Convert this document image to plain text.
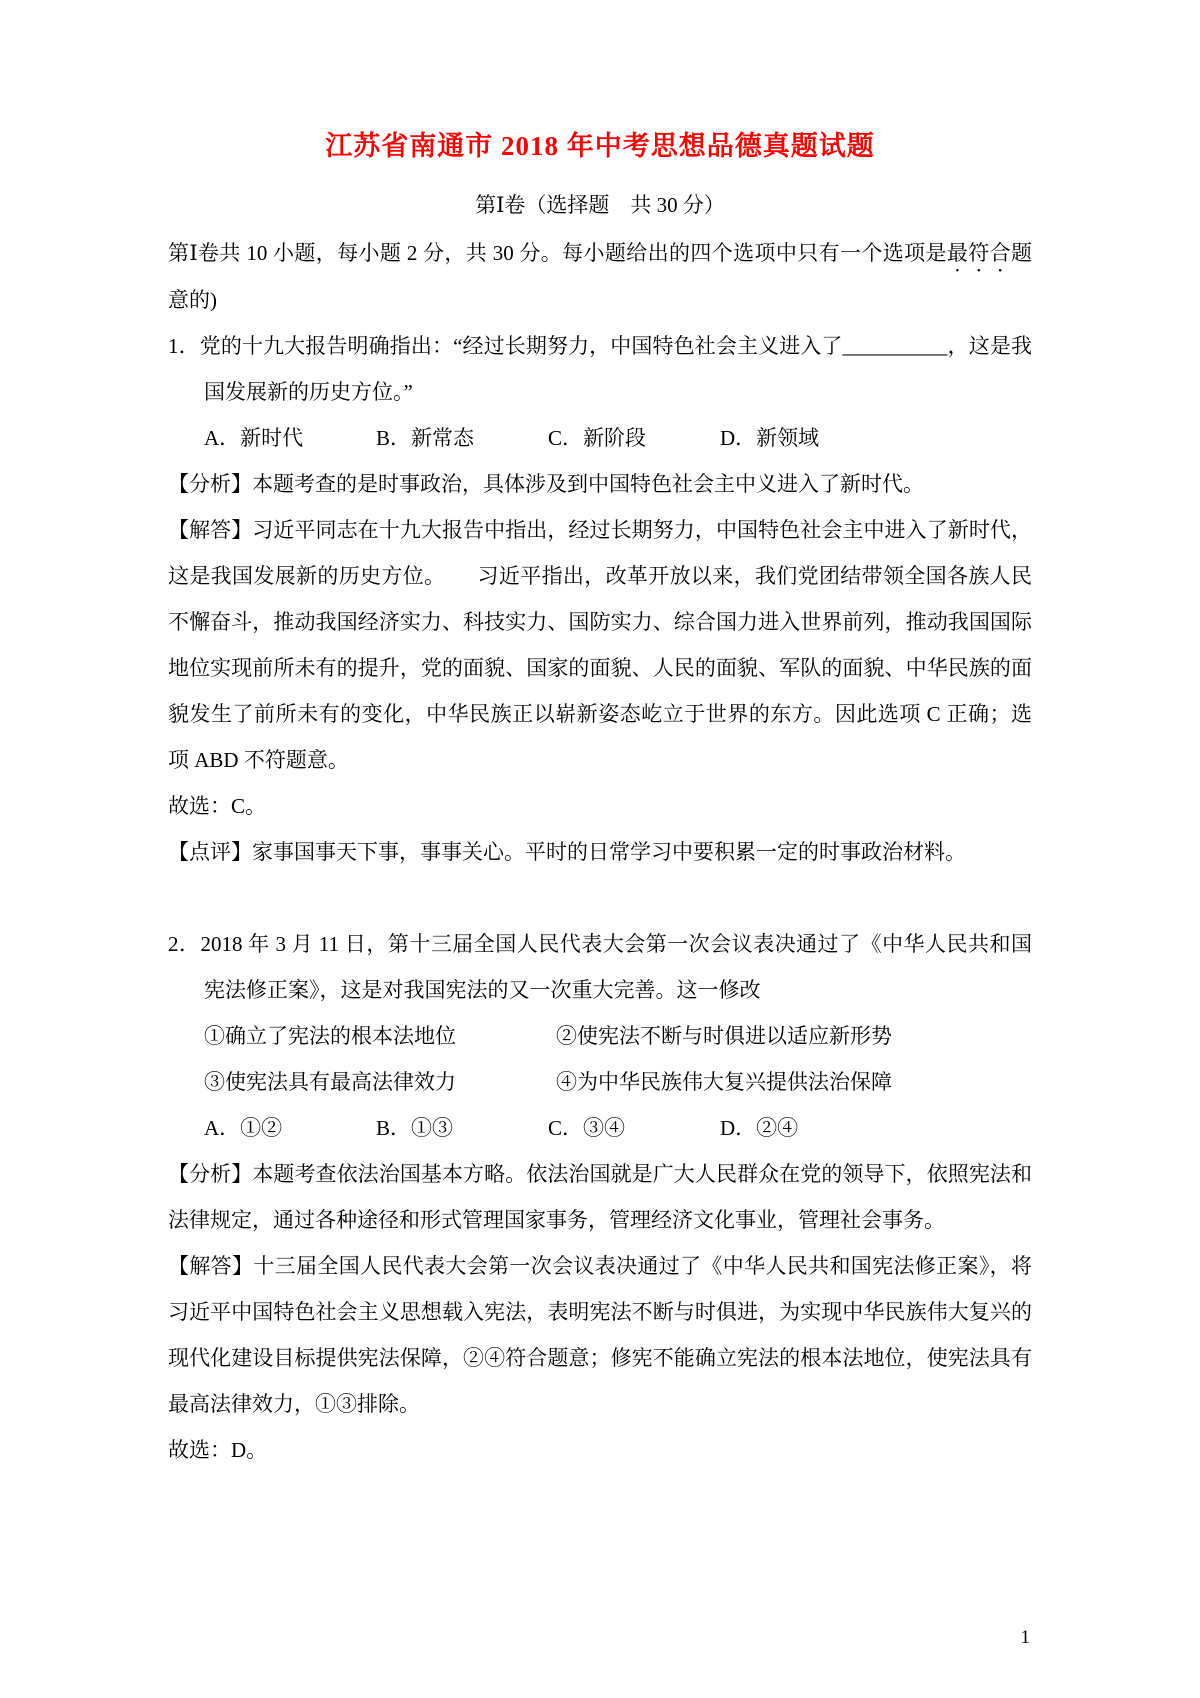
江苏省南通市 2018 年中考思想品德真题试题
第Ⅰ卷（选择题　共 30 分）

第Ⅰ卷共 10 小题，每小题 2 分，共 30 分。每小题给出的四个选项中只有一个选项是最符合题意的)

1．党的十九大报告明确指出：“经过长期努力，中国特色社会主义进入了__________，这是我国发展新的历史方位。”

A．新时代	B．新常态	C．新阶段	D．新领域

【分析】本题考查的是时事政治，具体涉及到中国特色社会主中义进入了新时代。

【解答】习近平同志在十九大报告中指出，经过长期努力，中国特色社会主中进入了新时代，这是我国发展新的历史方位。　　习近平指出，改革开放以来，我们党团结带领全国各族人民不懈奋斗，推动我国经济实力、科技实力、国防实力、综合国力进入世界前列，推动我国国际地位实现前所未有的提升，党的面貌、国家的面貌、人民的面貌、军队的面貌、中华民族的面貌发生了前所未有的变化，中华民族正以崭新姿态屹立于世界的东方。因此选项 C 正确；选项 ABD 不符题意。

故选：C。

【点评】家事国事天下事，事事关心。平时的日常学习中要积累一定的时事政治材料。

2．2018 年 3 月 11 日，第十三届全国人民代表大会第一次会议表决通过了《中华人民共和国宪法修正案》，这是对我国宪法的又一次重大完善。这一修改

①确立了宪法的根本法地位	②使宪法不断与时俱进以适应新形势

③使宪法具有最高法律效力	④为中华民族伟大复兴提供法治保障

A．①②	B．①③	C．③④	D．②④

【分析】本题考查依法治国基本方略。依法治国就是广大人民群众在党的领导下，依照宪法和法律规定，通过各种途径和形式管理国家事务，管理经济文化事业，管理社会事务。

【解答】十三届全国人民代表大会第一次会议表决通过了《中华人民共和国宪法修正案》，将习近平中国特色社会主义思想载入宪法，表明宪法不断与时俱进，为实现中华民族伟大复兴的现代化建设目标提供宪法保障，②④符合题意；修宪不能确立宪法的根本法地位，使宪法具有最高法律效力，①③排除。

故选：D。

1
